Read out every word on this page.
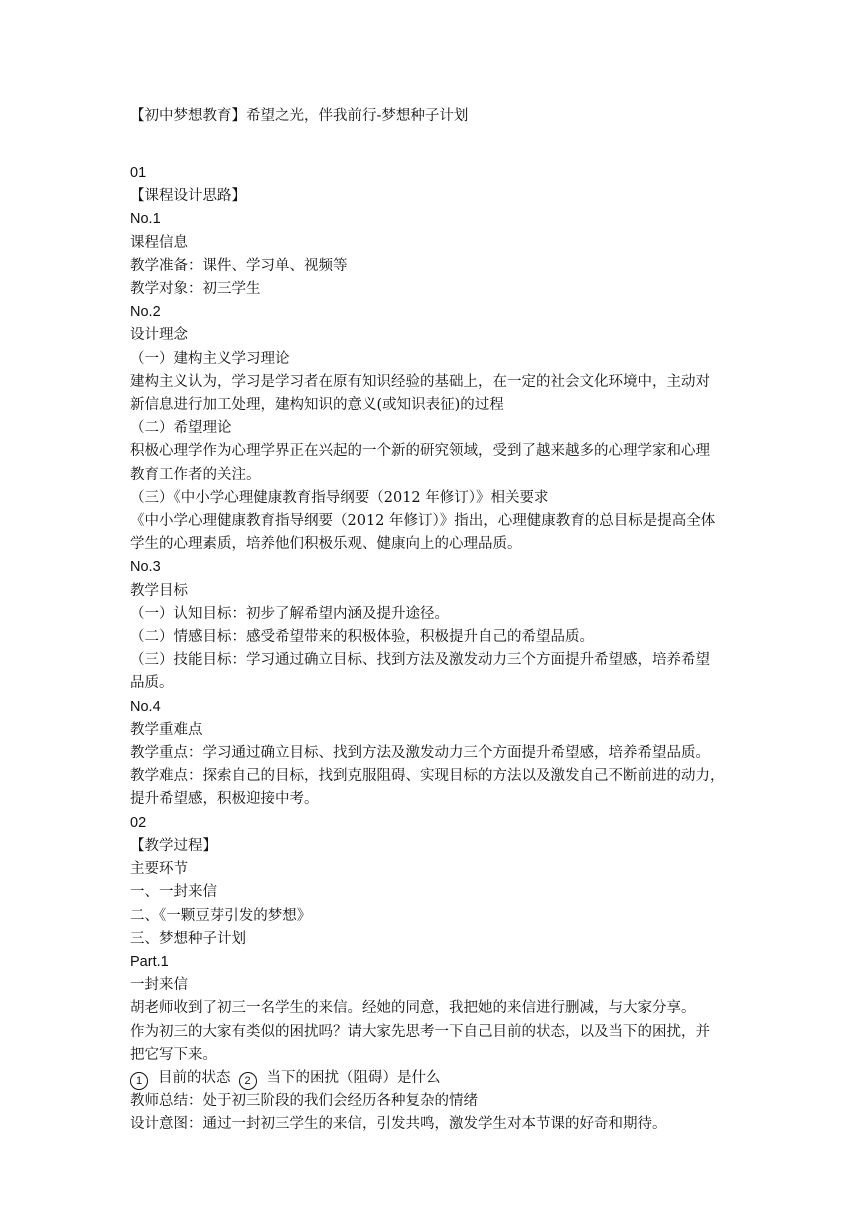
【初中梦想教育】希望之光，伴我前行-梦想种子计划

01

【课程设计思路】

No.1

课程信息

教学准备：课件、学习单、视频等

教学对象：初三学生

No.2

设计理念

（一）建构主义学习理论

建构主义认为，学习是学习者在原有知识经验的基础上，在一定的社会文化环境中，主动对
新信息进行加工处理，建构知识的意义(或知识表征)的过程

（二）希望理论

积极心理学作为心理学界正在兴起的一个新的研究领域，受到了越来越多的心理学家和心理
教育工作者的关注。

（三）《中小学心理健康教育指导纲要（2012 年修订）》相关要求

《中小学心理健康教育指导纲要（2012 年修订）》指出，心理健康教育的总目标是提高全体
学生的心理素质，培养他们积极乐观、健康向上的心理品质。

No.3

教学目标

（一）认知目标：初步了解希望内涵及提升途径。

（二）情感目标：感受希望带来的积极体验，积极提升自己的希望品质。

（三）技能目标：学习通过确立目标、找到方法及激发动力三个方面提升希望感，培养希望
品质。

No.4

教学重难点

教学重点：学习通过确立目标、找到方法及激发动力三个方面提升希望感，培养希望品质。

教学难点：探索自己的目标，找到克服阻碍、实现目标的方法以及激发自己不断前进的动力，
提升希望感，积极迎接中考。

02

【教学过程】

主要环节

一、一封来信

二、《一颗豆芽引发的梦想》

三、梦想种子计划

Part.1

一封来信

胡老师收到了初三一名学生的来信。经她的同意，我把她的来信进行删减，与大家分享。

作为初三的大家有类似的困扰吗？请大家先思考一下自己目前的状态，以及当下的困扰，并
把它写下来。

1 目前的状态 2 当下的困扰（阻碍）是什么

教师总结：处于初三阶段的我们会经历各种复杂的情绪

设计意图：通过一封初三学生的来信，引发共鸣，激发学生对本节课的好奇和期待。
